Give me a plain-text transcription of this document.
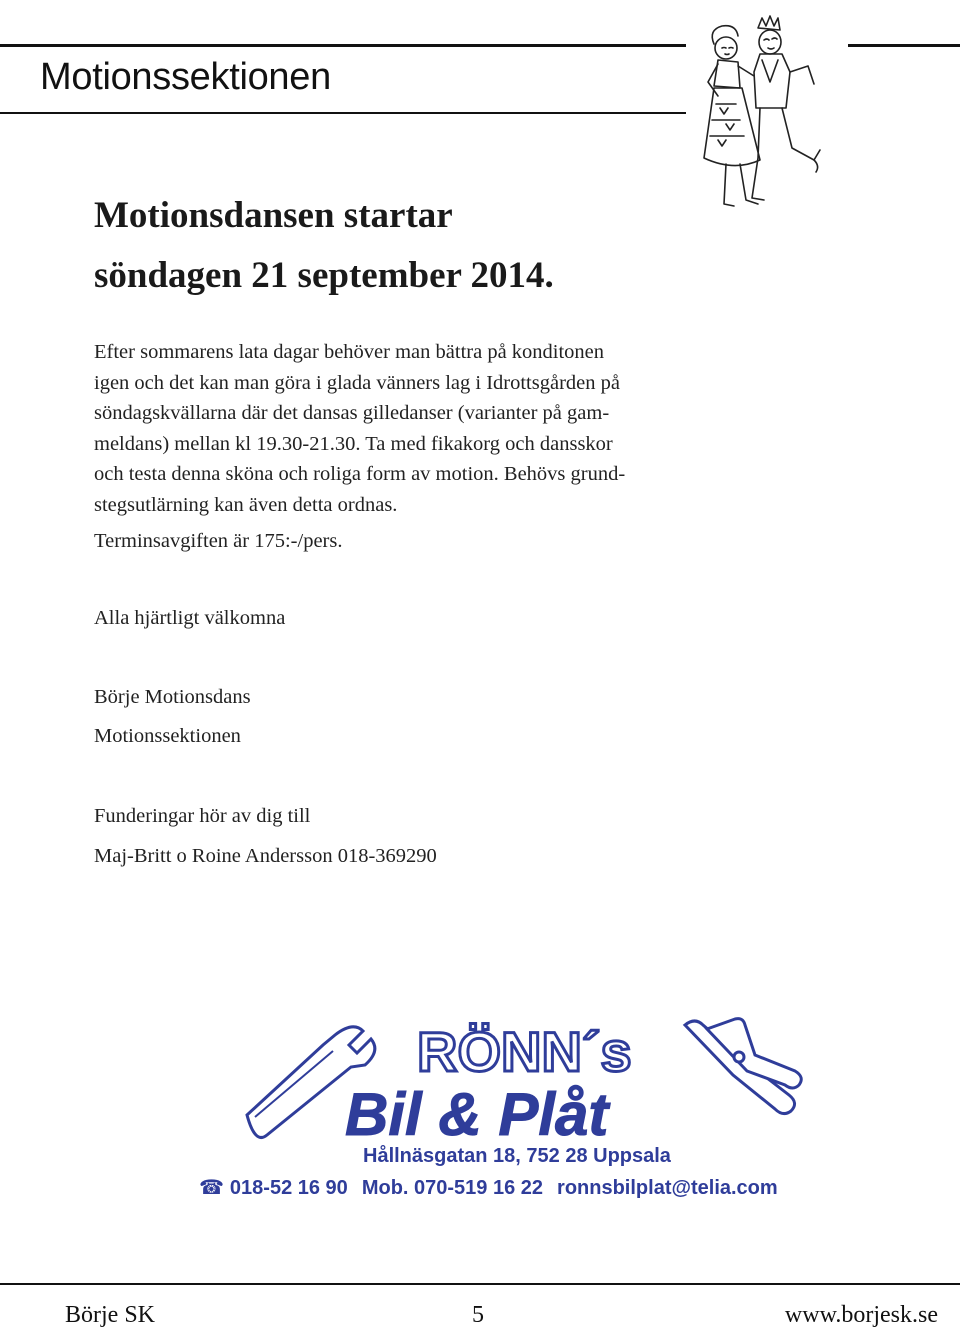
Motionssektionen
Motionsdansen startar
söndagen 21 september 2014.
Efter sommarens lata dagar behöver man bättra på konditonen
igen och det kan man göra i glada vänners lag i Idrottsgården på
söndagskvällarna där det dansas gilledanser (varianter på gam-
meldans) mellan kl 19.30-21.30. Ta med fikakorg och dansskor
och testa denna sköna och roliga form av motion. Behövs grund-
stegsutlärning kan även detta ordnas.
Terminsavgiften är 175:-/pers.

Alla hjärtligt välkomna

Börje Motionsdans

Motionssektionen

Funderingar hör av dig till

Maj-Britt o Roine Andersson 018-369290

RÖNN´s
Bil & Plåt

Hållnäsgatan 18, 752 28 Uppsala

☎ 018-52 16 90 Mob. 070-519 16 22 ronnsbilplat@telia.com

Börje SK	5	www.borjesk.se
